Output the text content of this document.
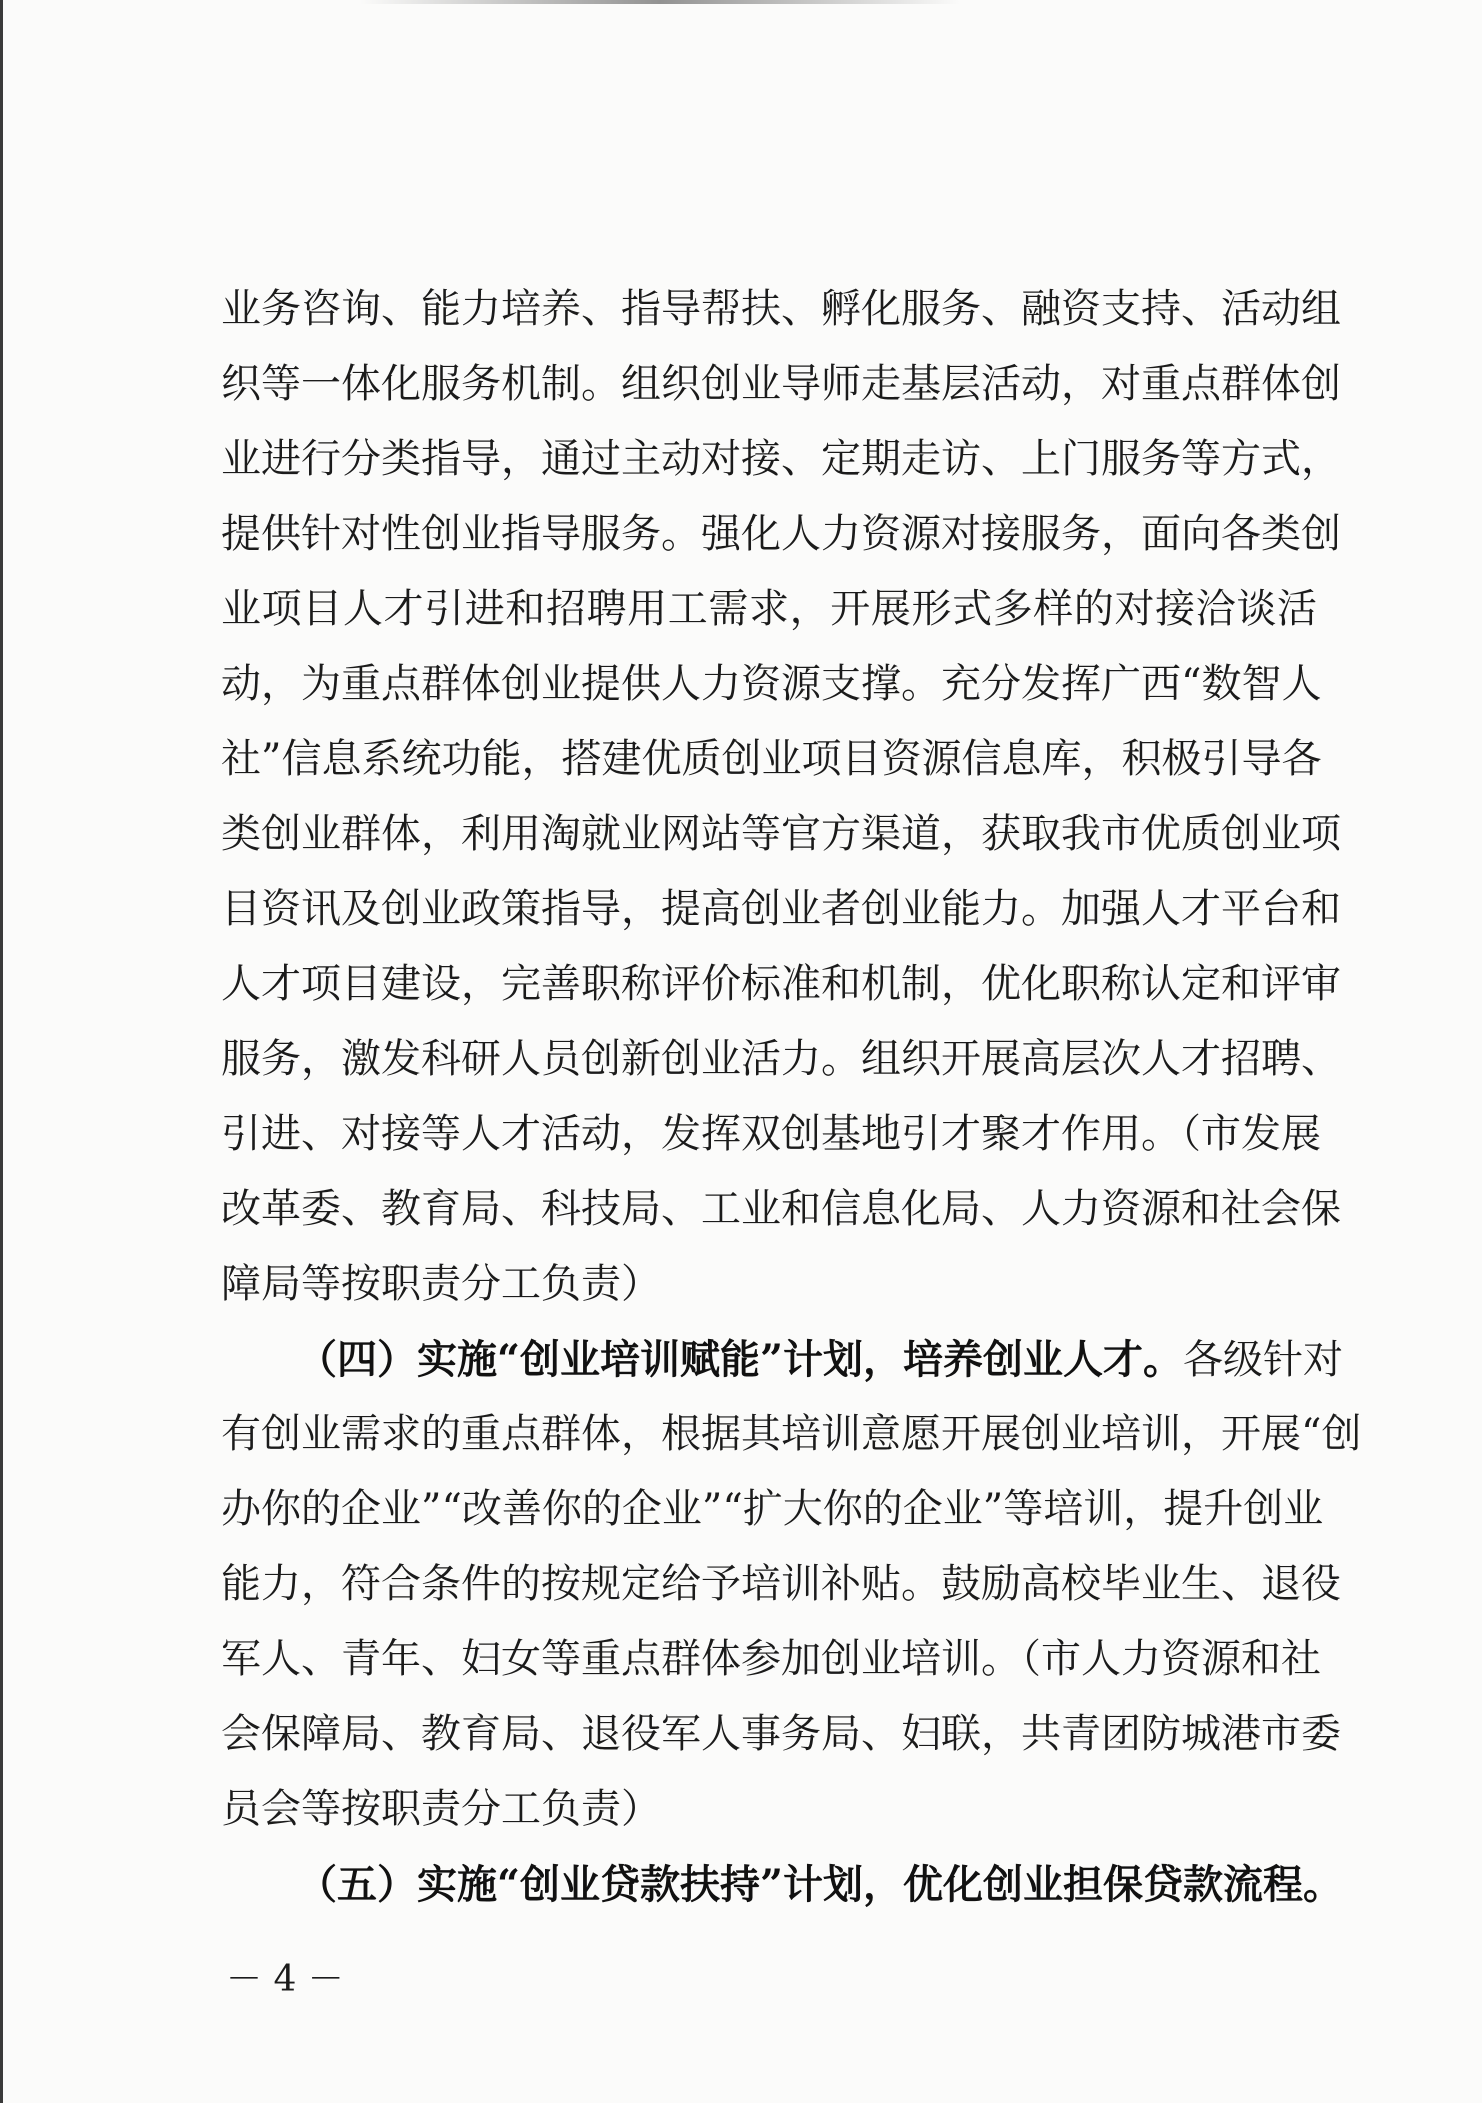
业务咨询、能力培养、指导帮扶、孵化服务、融资支持、活动组
织等一体化服务机制。组织创业导师走基层活动，对重点群体创
业进行分类指导，通过主动对接、定期走访、上门服务等方式，
提供针对性创业指导服务。强化人力资源对接服务，面向各类创
业项目人才引进和招聘用工需求，开展形式多样的对接洽谈活
动，为重点群体创业提供人力资源支撑。充分发挥广西“数智人
社”信息系统功能，搭建优质创业项目资源信息库，积极引导各
类创业群体，利用淘就业网站等官方渠道，获取我市优质创业项
目资讯及创业政策指导，提高创业者创业能力。加强人才平台和
人才项目建设，完善职称评价标准和机制，优化职称认定和评审
服务，激发科研人员创新创业活力。组织开展高层次人才招聘、
引进、对接等人才活动，发挥双创基地引才聚才作用。（市发展
改革委、教育局、科技局、工业和信息化局、人力资源和社会保
障局等按职责分工负责）
（四）实施“创业培训赋能”计划，培养创业人才。各级针对
有创业需求的重点群体，根据其培训意愿开展创业培训，开展“创
办你的企业”“改善你的企业”“扩大你的企业”等培训，提升创业
能力，符合条件的按规定给予培训补贴。鼓励高校毕业生、退役
军人、青年、妇女等重点群体参加创业培训。（市人力资源和社
会保障局、教育局、退役军人事务局、妇联，共青团防城港市委
员会等按职责分工负责）
（五）实施“创业贷款扶持”计划，优化创业担保贷款流程。
－ 4 －
